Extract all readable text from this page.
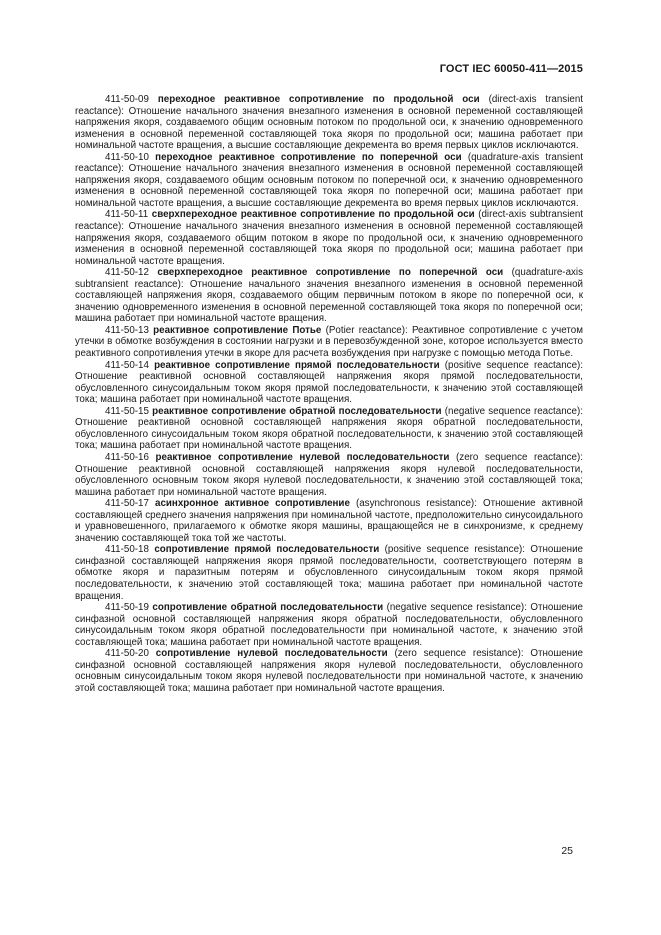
ГОСТ IEC 60050-411—2015

411-50-09 переходное реактивное сопротивление по продольной оси (direct-axis transient reactance): Отношение начального значения внезапного изменения в основной переменной составляющей напряжения якоря, создаваемого общим основным потоком по продольной оси, к значению одновременного изменения в основной переменной составляющей тока якоря по продольной оси; машина работает при номинальной частоте вращения, а высшие составляющие декремента во время первых циклов исключаются.

411-50-10 переходное реактивное сопротивление по поперечной оси (quadrature-axis transient reactance): Отношение начального значения внезапного изменения в основной переменной составляющей напряжения якоря, создаваемого общим основным потоком по поперечной оси, к значению одновременного изменения в основной переменной составляющей тока якоря по поперечной оси; машина работает при номинальной частоте вращения, а высшие составляющие декремента во время первых циклов исключаются.

411-50-11 сверхпереходное реактивное сопротивление по продольной оси (direct-axis subtransient reactance): Отношение начального значения внезапного изменения в основной переменной составляющей напряжения якоря, создаваемого общим потоком в якоре по продольной оси, к значению одновременного изменения в основной переменной составляющей тока якоря по продольной оси; машина работает при номинальной частоте вращения.

411-50-12 сверхпереходное реактивное сопротивление по поперечной оси (quadrature-axis subtransient reactance): Отношение начального значения внезапного изменения в основной переменной составляющей напряжения якоря, создаваемого общим первичным потоком в якоре по поперечной оси, к значению одновременного изменения в основной переменной составляющей тока якоря по поперечной оси; машина работает при номинальной частоте вращения.

411-50-13 реактивное сопротивление Потье (Potier reactance): Реактивное сопротивление с учетом утечки в обмотке возбуждения в состоянии нагрузки и в перевозбужденной зоне, которое используется вместо реактивного сопротивления утечки в якоре для расчета возбуждения при нагрузке с помощью метода Потье.

411-50-14 реактивное сопротивление прямой последовательности (positive sequence reactance): Отношение реактивной основной составляющей напряжения якоря прямой последовательности, обусловленного синусоидальным током якоря прямой последовательности, к значению этой составляющей тока; машина работает при номинальной частоте вращения.

411-50-15 реактивное сопротивление обратной последовательности (negative sequence reactance): Отношение реактивной основной составляющей напряжения якоря обратной последовательности, обусловленного синусоидальным током якоря обратной последовательности, к значению этой составляющей тока; машина работает при номинальной частоте вращения.

411-50-16 реактивное сопротивление нулевой последовательности (zero sequence reactance): Отношение реактивной основной составляющей напряжения якоря нулевой последовательности, обусловленного основным током якоря нулевой последовательности, к значению этой составляющей тока; машина работает при номинальной частоте вращения.

411-50-17 асинхронное активное сопротивление (asynchronous resistance): Отношение активной составляющей среднего значения напряжения при номинальной частоте, предположительно синусоидального и уравновешенного, прилагаемого к обмотке якоря машины, вращающейся не в синхронизме, к среднему значению составляющей тока той же частоты.

411-50-18 сопротивление прямой последовательности (positive sequence resistance): Отношение синфазной составляющей напряжения якоря прямой последовательности, соответствующего потерям в обмотке якоря и паразитным потерям и обусловленного синусоидальным током якоря прямой последовательности, к значению этой составляющей тока; машина работает при номинальной частоте вращения.

411-50-19 сопротивление обратной последовательности (negative sequence resistance): Отношение синфазной основной составляющей напряжения якоря обратной последовательности, обусловленного синусоидальным током якоря обратной последовательности при номинальной частоте, к значению этой составляющей тока; машина работает при номинальной частоте вращения.

411-50-20 сопротивление нулевой последовательности (zero sequence resistance): Отношение синфазной основной составляющей напряжения якоря нулевой последовательности, обусловленного основным синусоидальным током якоря нулевой последовательности при номинальной частоте, к значению этой составляющей тока; машина работает при номинальной частоте вращения.

25
